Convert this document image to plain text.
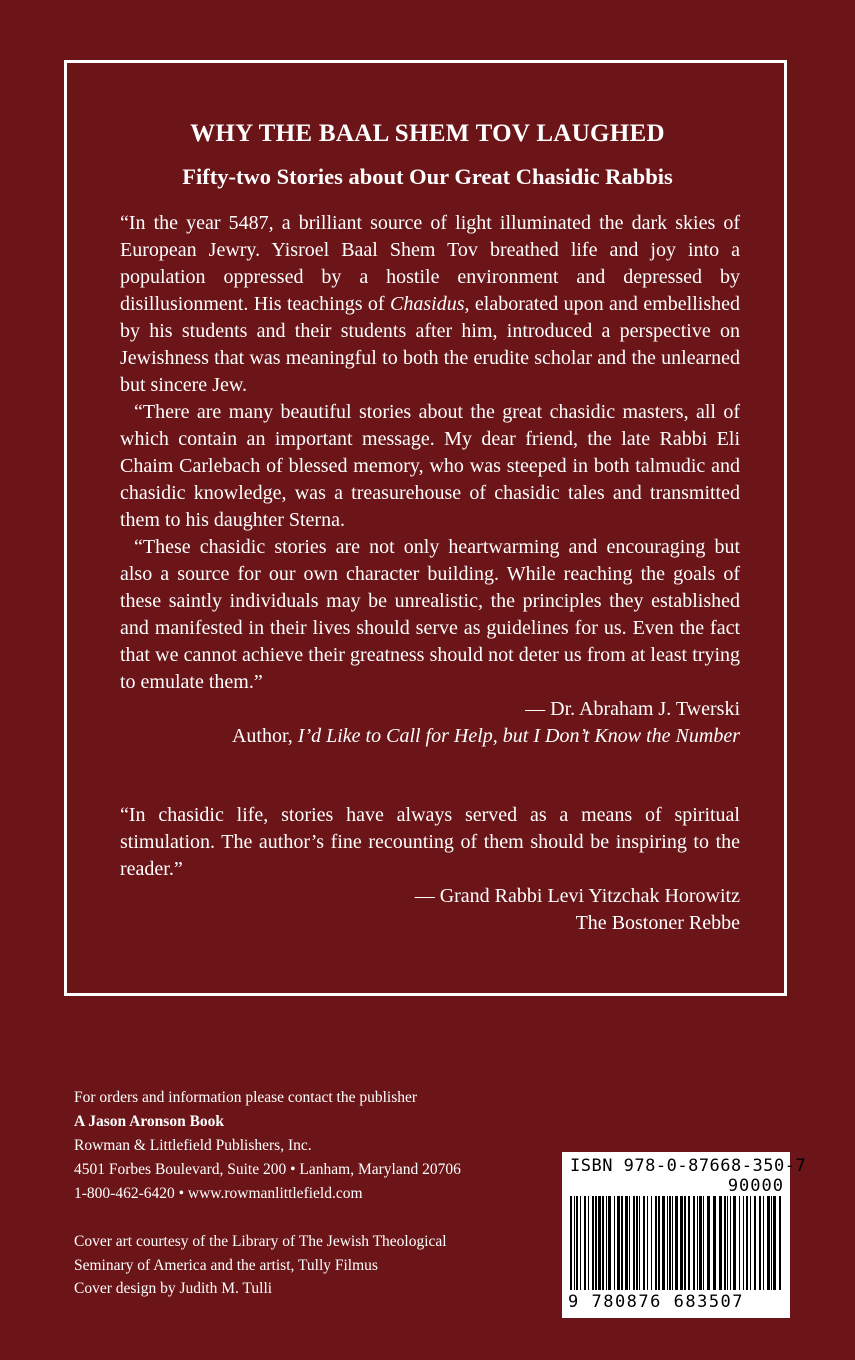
WHY THE BAAL SHEM TOV LAUGHED
Fifty-two Stories about Our Great Chasidic Rabbis

“In the year 5487, a brilliant source of light illuminated the dark skies of European Jewry. Yisroel Baal Shem Tov breathed life and joy into a population oppressed by a hostile environment and depressed by disillusionment. His teachings of Chasidus, elaborated upon and embellished by his students and their students after him, introduced a perspective on Jewishness that was meaningful to both the erudite scholar and the unlearned but sincere Jew.

“There are many beautiful stories about the great chasidic masters, all of which contain an important message. My dear friend, the late Rabbi Eli Chaim Carlebach of blessed memory, who was steeped in both talmudic and chasidic knowledge, was a treasurehouse of chasidic tales and transmitted them to his daughter Sterna.

“These chasidic stories are not only heartwarming and encouraging but also a source for our own character building. While reaching the goals of these saintly individuals may be unrealistic, the principles they established and manifested in their lives should serve as guidelines for us. Even the fact that we cannot achieve their greatness should not deter us from at least trying to emulate them.”

— Dr. Abraham J. Twerski
Author, I’d Like to Call for Help, but I Don’t Know the Number

“In chasidic life, stories have always served as a means of spiritual stimulation. The author’s fine recounting of them should be inspiring to the reader.”

— Grand Rabbi Levi Yitzchak Horowitz
The Bostoner Rebbe
For orders and information please contact the publisher
A Jason Aronson Book
Rowman & Littlefield Publishers, Inc.
4501 Forbes Boulevard, Suite 200 • Lanham, Maryland 20706
1-800-462-6420 • www.rowmanlittlefield.com
Cover art courtesy of the Library of The Jewish Theological
Seminary of America and the artist, Tully Filmus
Cover design by Judith M. Tulli
ISBN 978-0-87668-350-7
90000
9 780876 683507
